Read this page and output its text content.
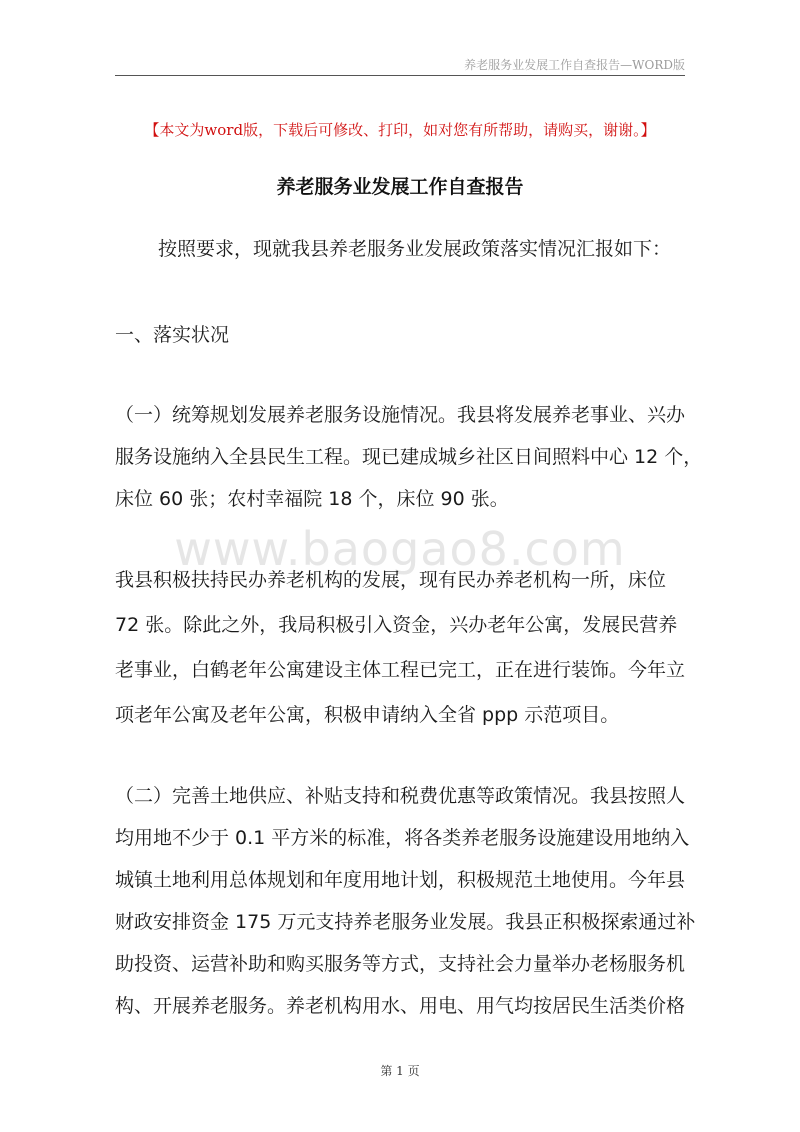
养老服务业发展工作自查报告—WORD版
【本文为word版，下载后可修改、打印，如对您有所帮助，请购买，谢谢。】
养老服务业发展工作自查报告
按照要求，现就我县养老服务业发展政策落实情况汇报如下：
一、落实状况
（一）统筹规划发展养老服务设施情况。我县将发展养老事业、兴办
服务设施纳入全县民生工程。现已建成城乡社区日间照料中心 12 个，
床位 60 张；农村幸福院 18 个，床位 90 张。
www.baogao8.com
我县积极扶持民办养老机构的发展，现有民办养老机构一所，床位
72 张。除此之外，我局积极引入资金，兴办老年公寓，发展民营养
老事业，白鹤老年公寓建设主体工程已完工，正在进行装饰。今年立
项老年公寓及老年公寓，积极申请纳入全省 ppp 示范项目。
（二）完善土地供应、补贴支持和税费优惠等政策情况。我县按照人
均用地不少于 0.1 平方米的标准，将各类养老服务设施建设用地纳入
城镇土地利用总体规划和年度用地计划，积极规范土地使用。今年县
财政安排资金 175 万元支持养老服务业发展。我县正积极探索通过补
助投资、运营补助和购买服务等方式，支持社会力量举办老杨服务机
构、开展养老服务。养老机构用水、用电、用气均按居民生活类价格
第 1 页
